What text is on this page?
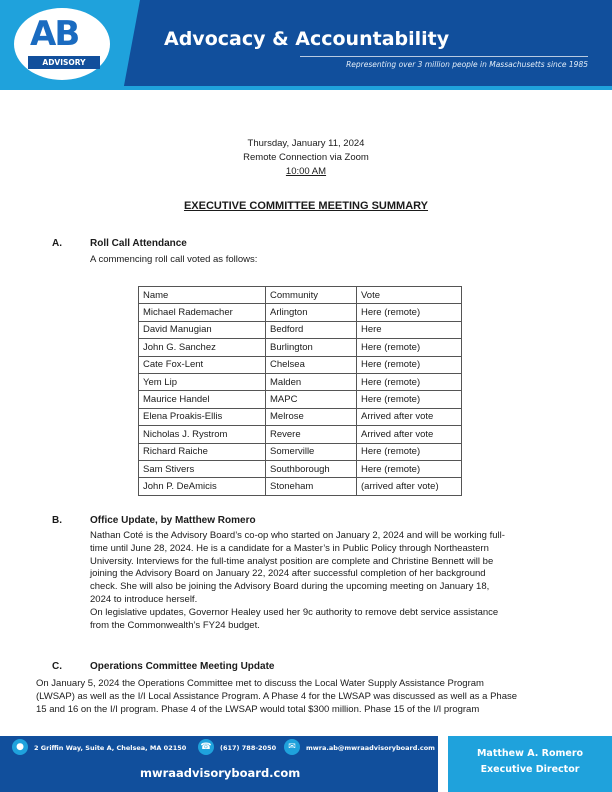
AB
ADVISORY BOARD
Advocacy & Accountability
Representing over 3 million people in Massachusetts since 1985
Thursday, January 11, 2024
Remote Connection via Zoom
10:00 AM
EXECUTIVE COMMITTEE MEETING SUMMARY
A.	Roll Call Attendance
A commencing roll call voted as follows:
Name	Community	Vote
Michael Rademacher	Arlington	Here (remote)
David Manugian	Bedford	Here
John G. Sanchez	Burlington	Here (remote)
Cate Fox-Lent	Chelsea	Here (remote)
Yem Lip	Malden	Here (remote)
Maurice Handel	MAPC	Here (remote)
Elena Proakis-Ellis	Melrose	Arrived after vote
Nicholas J. Rystrom	Revere	Arrived after vote
Richard Raiche	Somerville	Here (remote)
Sam Stivers	Southborough	Here (remote)
John P. DeAmicis	Stoneham	(arrived after vote)
B.	Office Update, by Matthew Romero
Nathan Coté is the Advisory Board’s co-op who started on January 2, 2024 and will be working full-
time until June 28, 2024. He is a candidate for a Master’s in Public Policy through Northeastern
University. Interviews for the full-time analyst position are complete and Christine Bennett will be
joining the Advisory Board on January 22, 2024 after successful completion of her background
check. She will also be joining the Advisory Board during the upcoming meeting on January 18,
2024 to introduce herself.
On legislative updates, Governor Healey used her 9c authority to remove debt service assistance
from the Commonwealth’s FY24 budget.
C.	Operations Committee Meeting Update
On January 5, 2024 the Operations Committee met to discuss the Local Water Supply Assistance Program
(LWSAP) as well as the I/I Local Assistance Program. A Phase 4 for the LWSAP was discussed as well as a Phase
15 and 16 on the I/I program. Phase 4 of the LWSAP would total $300 million. Phase 15 of the I/I program
●	2 Griffin Way, Suite A, Chelsea, MA 02150 ☎	(617) 788-2050	✉	mwra.ab@mwraadvisoryboard.com
mwraadvisoryboard.com
Matthew A. Romero
Executive Director
